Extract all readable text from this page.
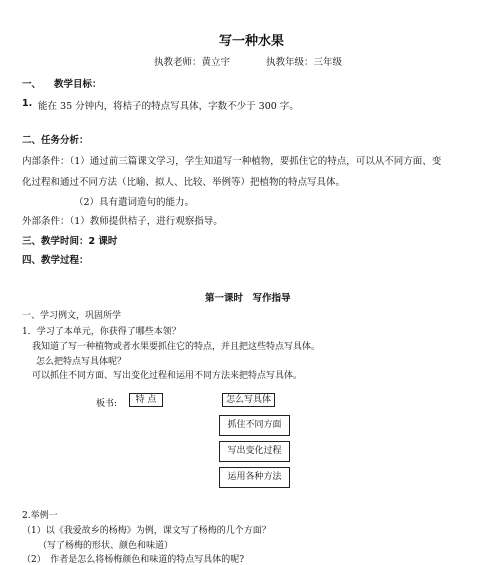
写一种水果
执教老师：黄立宇	执教年级：三年级
一、 教学目标：
1. 能在 35 分钟内，将桔子的特点写具体，字数不少于 300 字。
二、任务分析：
内部条件：（1）通过前三篇课文学习，学生知道写一种植物，要抓住它的特点，可以从不同方面、变
化过程和通过不同方法（比喻、拟人、比较、举例等）把植物的特点写具体。
（2）具有遣词造句的能力。
外部条件：（1）教师提供桔子，进行观察指导。
三、教学时间：2 课时
四、教学过程：
第一课时　写作指导
一、学习例文，巩固所学
1．学习了本单元，你获得了哪些本领？
我知道了写一种植物或者水果要抓住它的特点，并且把这些特点写具体。
怎么把特点写具体呢？
可以抓住不同方面、写出变化过程和运用不同方法来把特点写具体。
板书:	特 点	怎么写具体
抓住不同方面
写出变化过程
运用各种方法
2.举例一
（1）以《我爱故乡的杨梅》为例，课文写了杨梅的几个方面？
（写了杨梅的形状、颜色和味道）
（2）　作者是怎么将杨梅颜色和味道的特点写具体的呢?
